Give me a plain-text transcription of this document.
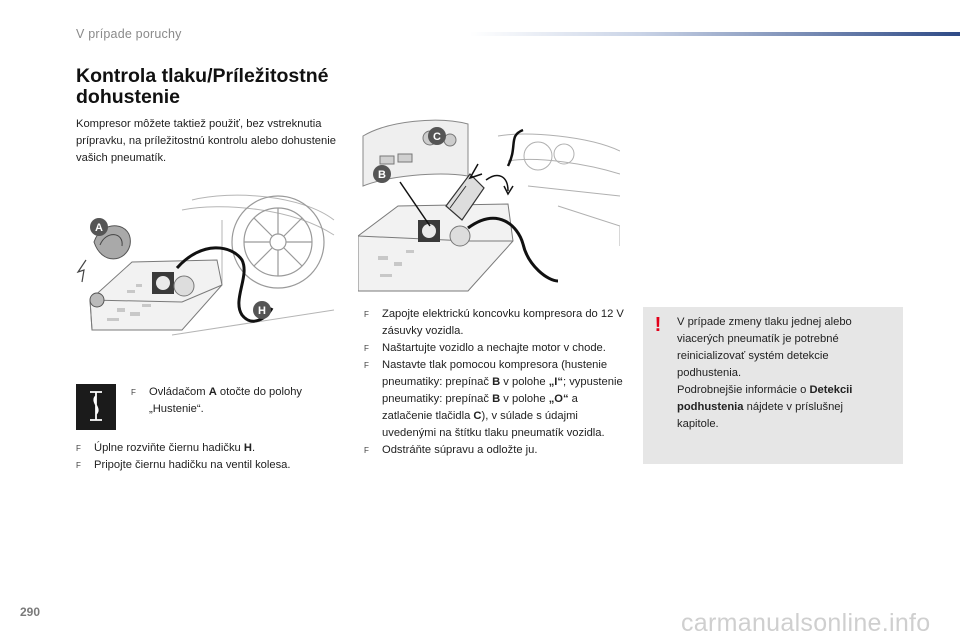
V prípade poruchy
Kontrola tlaku/Príležitostné dohustenie

Kompresor môžete taktiež použiť, bez vstreknutia prípravku, na príležitostnú kontrolu alebo dohustenie vašich pneumatík.

A
H
C
B
F Ovládačom A otočte do polohy „Hustenie“.
F Úplne rozviňte čiernu hadičku H.
F Pripojte čiernu hadičku na ventil kolesa.
F Zapojte elektrickú koncovku kompresora do 12 V zásuvky vozidla.
F Naštartujte vozidlo a nechajte motor v chode.
F Nastavte tlak pomocou kompresora (hustenie pneumatiky: prepínač B v polohe „I“; vypustenie pneumatiky: prepínač B v polohe „O“ a zatlačenie tlačidla C), v súlade s údajmi uvedenými na štítku tlaku pneumatík vozidla.
F Odstráňte súpravu a odložte ju.
!	V prípade zmeny tlaku jednej alebo viacerých pneumatík je potrebné reinicializovať systém detekcie podhustenia.
Podrobnejšie informácie o Detekcii podhustenia nájdete v príslušnej kapitole.
290	carmanualsonline.info
